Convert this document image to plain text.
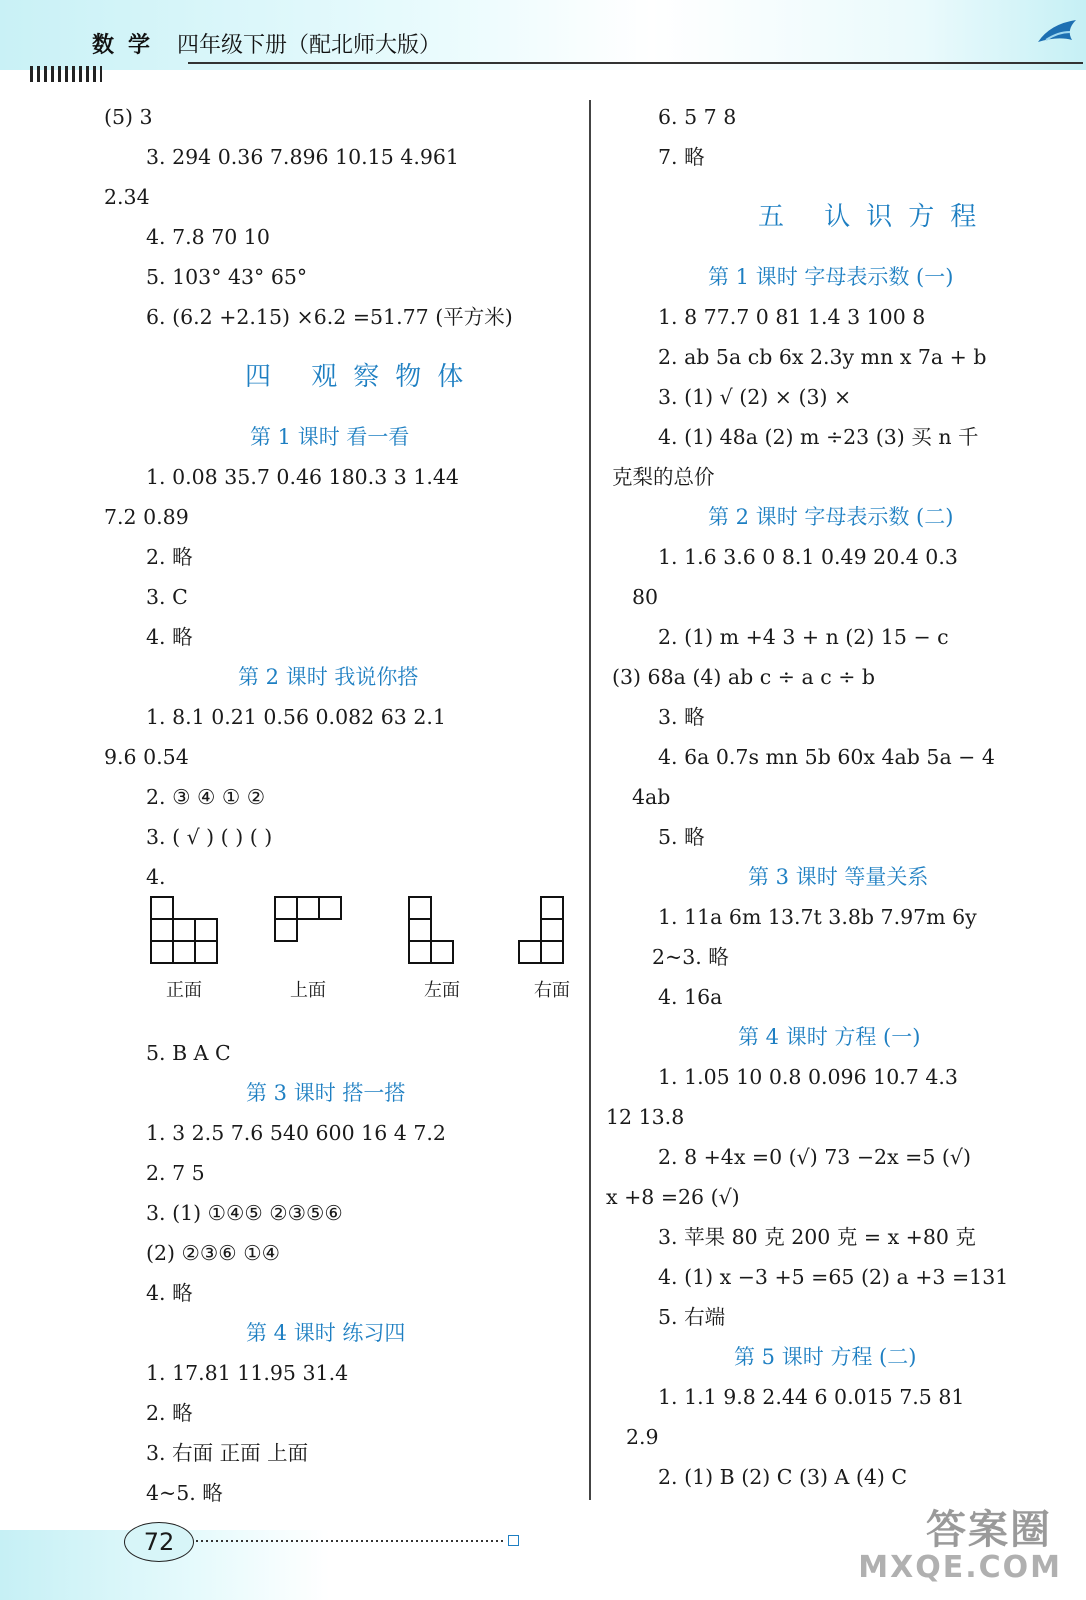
数学 四年级下册（配北师大版）
(5) 3
3. 294 0.36 7.896 10.15 4.961
2.34
4. 7.8 70 10
5. 103° 43° 65°
6. (6.2 +2.15) ×6.2 =51.77 (平方米)
四 观察物体
第 1 课时 看一看
1. 0.08 35.7 0.46 180.3 3 1.44
7.2 0.89
2. 略
3. C
4. 略
第 2 课时 我说你搭
1. 8.1 0.21 0.56 0.082 63 2.1
9.6 0.54
2. ③ ④ ① ②
3. ( √ ) ( ) ( )
4.
5. B A C
第 3 课时 搭一搭
1. 3 2.5 7.6 540 600 16 4 7.2
2. 7 5
3. (1) ①④⑤ ②③⑤⑥
(2) ②③⑥ ①④
4. 略
第 4 课时 练习四
1. 17.81 11.95 31.4
2. 略
3. 右面 正面 上面
4~5. 略
正面	上面	左面	右面
6. 5 7 8
7. 略
五 认识方程
第 1 课时 字母表示数 (一)
1. 8 77.7 0 81 1.4 3 100 8
2. ab 5a cb 6x 2.3y mn x 7a + b
3. (1) √ (2) × (3) ×
4. (1) 48a (2) m ÷23 (3) 买 n 千
克梨的总价
第 2 课时 字母表示数 (二)
1. 1.6 3.6 0 8.1 0.49 20.4 0.3
80
2. (1) m +4 3 + n (2) 15 − c
(3) 68a (4) ab c ÷ a c ÷ b
3. 略
4. 6a 0.7s mn 5b 60x 4ab 5a − 4
4ab
5. 略
第 3 课时 等量关系
1. 11a 6m 13.7t 3.8b 7.97m 6y
2~3. 略
4. 16a
第 4 课时 方程 (一)
1. 1.05 10 0.8 0.096 10.7 4.3
12 13.8
2. 8 +4x =0 (√) 73 −2x =5 (√)
x +8 =26 (√)
3. 苹果 80 克 200 克 = x +80 克
4. (1) x −3 +5 =65 (2) a +3 =131
5. 右端
第 5 课时 方程 (二)
1. 1.1 9.8 2.44 6 0.015 7.5 81
2.9
2. (1) B (2) C (3) A (4) C
72	答案圈
MXQE.COM
